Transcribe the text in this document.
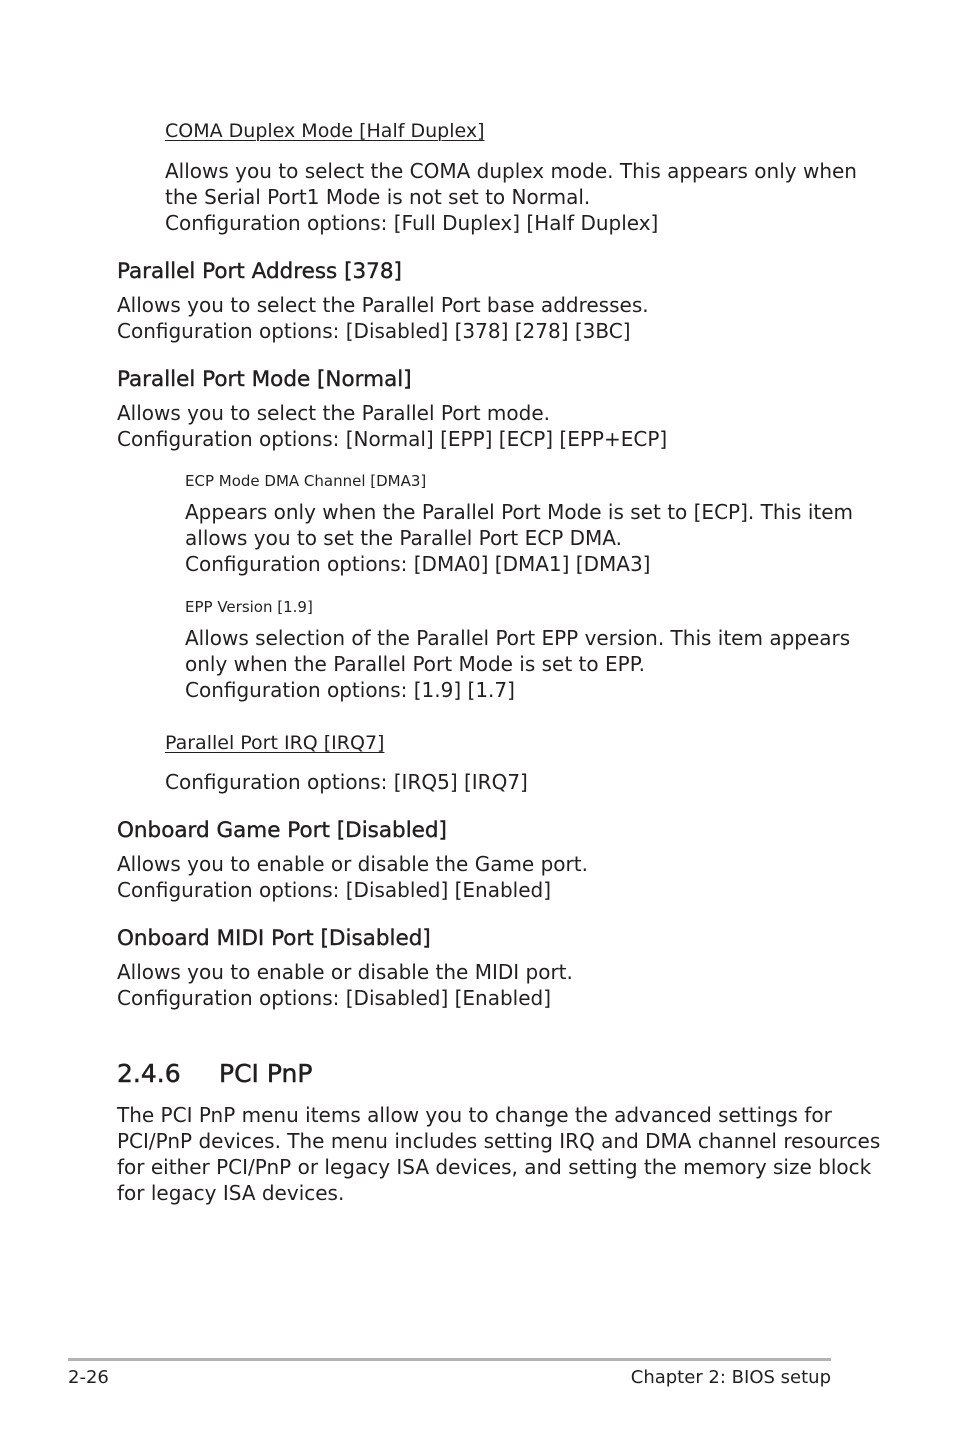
COMA Duplex Mode [Half Duplex]
Allows you to select the COMA duplex mode. This appears only when
the Serial Port1 Mode is not set to Normal.
Configuration options: [Full Duplex] [Half Duplex]
Parallel Port Address [378]
Allows you to select the Parallel Port base addresses.
Configuration options: [Disabled] [378] [278] [3BC]
Parallel Port Mode [Normal]
Allows you to select the Parallel Port mode.
Configuration options: [Normal] [EPP] [ECP] [EPP+ECP]
ECP Mode DMA Channel [DMA3]
Appears only when the Parallel Port Mode is set to [ECP]. This item
allows you to set the Parallel Port ECP DMA.
Configuration options: [DMA0] [DMA1] [DMA3]
EPP Version [1.9]
Allows selection of the Parallel Port EPP version. This item appears
only when the Parallel Port Mode is set to EPP.
Configuration options: [1.9] [1.7]
Parallel Port IRQ [IRQ7]
Configuration options: [IRQ5] [IRQ7]
Onboard Game Port [Disabled]
Allows you to enable or disable the Game port.
Configuration options: [Disabled] [Enabled]
Onboard MIDI Port [Disabled]
Allows you to enable or disable the MIDI port.
Configuration options: [Disabled] [Enabled]
2.4.6 PCI PnP
The PCI PnP menu items allow you to change the advanced settings for
PCI/PnP devices. The menu includes setting IRQ and DMA channel resources
for either PCI/PnP or legacy ISA devices, and setting the memory size block
for legacy ISA devices.
2-26	Chapter 2: BIOS setup
